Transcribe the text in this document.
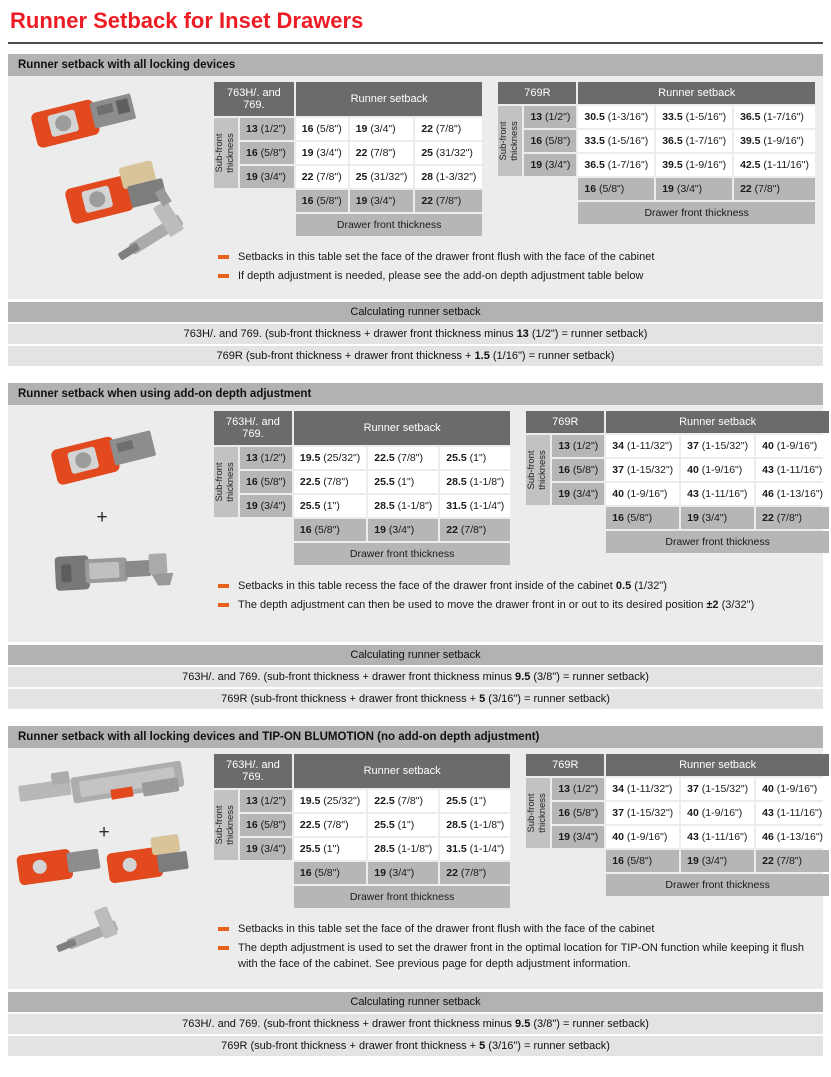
Runner Setback for Inset Drawers
Runner setback with all locking devices
763H/. and 769.		Runner setback		

Sub-front thickness	13 (1/2")	16 (5/8")	19 (3/4")	22 (7/8")
	16 (5/8")	19 (3/4")	22 (7/8")	25 (31/32")
	19 (3/4")	22 (7/8")	25 (31/32")	28 (1-3/32")
		16 (5/8")	19 (3/4")	22 (7/8")
		Drawer front thickness		
769R		Runner setback		

Sub-front thickness	13 (1/2")	30.5 (1-3/16")	33.5 (1-5/16")	36.5 (1-7/16")
	16 (5/8")	33.5 (1-5/16")	36.5 (1-7/16")	39.5 (1-9/16")
	19 (3/4")	36.5 (1-7/16")	39.5 (1-9/16")	42.5 (1-11/16")
		16 (5/8")	19 (3/4")	22 (7/8")
		Drawer front thickness		
Setbacks in this table set the face of the drawer front flush with the face of the cabinet
If depth adjustment is needed, please see the add-on depth adjustment table below
Calculating runner setback
763H/. and 769. (sub-front thickness + drawer front thickness minus 13 (1/2") = runner setback)
769R (sub-front thickness + drawer front thickness + 1.5 (1/16") = runner setback)
Runner setback when using add-on depth adjustment
+
763H/. and 769.		Runner setback		

Sub-front thickness	13 (1/2")	19.5 (25/32")	22.5 (7/8")	25.5 (1")
	16 (5/8")	22.5 (7/8")	25.5 (1")	28.5 (1-1/8")
	19 (3/4")	25.5 (1")	28.5 (1-1/8")	31.5 (1-1/4")
		16 (5/8")	19 (3/4")	22 (7/8")
		Drawer front thickness		
769R		Runner setback		

Sub-front thickness	13 (1/2")	34 (1-11/32")	37 (1-15/32")	40 (1-9/16")
	16 (5/8")	37 (1-15/32")	40 (1-9/16")	43 (1-11/16")
	19 (3/4")	40 (1-9/16")	43 (1-11/16")	46 (1-13/16")
		16 (5/8")	19 (3/4")	22 (7/8")
		Drawer front thickness		
Setbacks in this table recess the face of the drawer front inside of the cabinet 0.5 (1/32")
The depth adjustment can then be used to move the drawer front in or out to its desired position ±2 (3/32")
Calculating runner setback
763H/. and 769. (sub-front thickness + drawer front thickness minus 9.5 (3/8") = runner setback)
769R (sub-front thickness + drawer front thickness + 5 (3/16") = runner setback)
Runner setback with all locking devices and TIP-ON BLUMOTION (no add-on depth adjustment)
+
763H/. and 769.		Runner setback		

Sub-front thickness	13 (1/2")	19.5 (25/32")	22.5 (7/8")	25.5 (1")
	16 (5/8")	22.5 (7/8")	25.5 (1")	28.5 (1-1/8")
	19 (3/4")	25.5 (1")	28.5 (1-1/8")	31.5 (1-1/4")
		16 (5/8")	19 (3/4")	22 (7/8")
		Drawer front thickness		
769R		Runner setback		

Sub-front thickness	13 (1/2")	34 (1-11/32")	37 (1-15/32")	40 (1-9/16")
	16 (5/8")	37 (1-15/32")	40 (1-9/16")	43 (1-11/16")
	19 (3/4")	40 (1-9/16")	43 (1-11/16")	46 (1-13/16")
		16 (5/8")	19 (3/4")	22 (7/8")
		Drawer front thickness		
Setbacks in this table set the face of the drawer front flush with the face of the cabinet
The depth adjustment is used to set the drawer front in the optimal location for TIP-ON function while keeping it flush with the face of the cabinet. See previous page for depth adjustment information.
Calculating runner setback
763H/. and 769. (sub-front thickness + drawer front thickness minus 9.5 (3/8") = runner setback)
769R (sub-front thickness + drawer front thickness + 5 (3/16") = runner setback)
